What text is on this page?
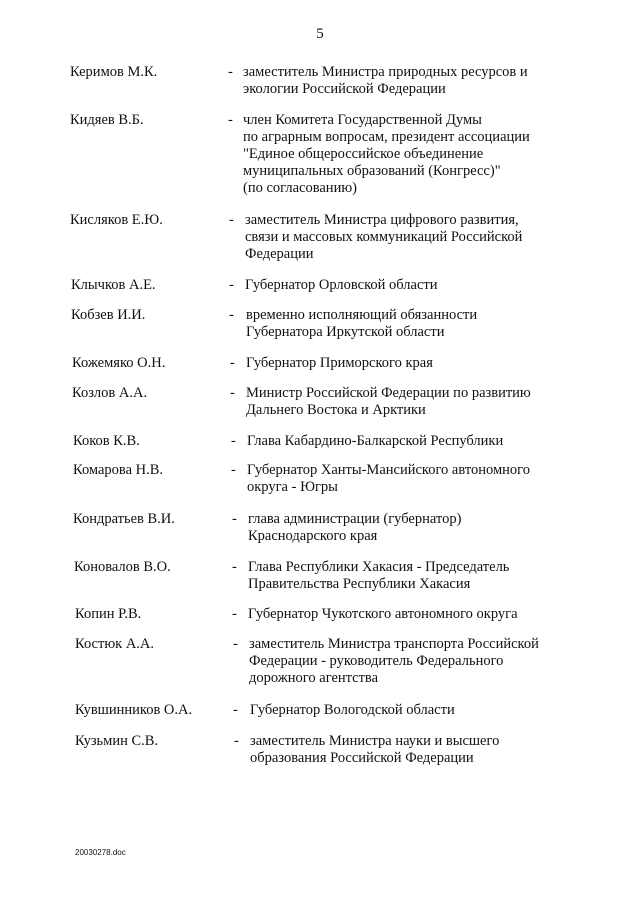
5
Керимов М.К.	- заместитель Министра природных ресурсов и
экологии Российской Федерации
Кидяев В.Б.	- член Комитета Государственной Думы
по аграрным вопросам, президент ассоциации
"Единое общероссийское объединение
муниципальных образований (Конгресс)"
(по согласованию)
Кисляков Е.Ю.	- заместитель Министра цифрового развития,
связи и массовых коммуникаций Российской
Федерации
Клычков А.Е.	- Губернатор Орловской области
Кобзев И.И.	- временно исполняющий обязанности
Губернатора Иркутской области
Кожемяко О.Н.	- Губернатор Приморского края
Козлов А.А.	- Министр Российской Федерации по развитию
Дальнего Востока и Арктики
Коков К.В.	- Глава Кабардино-Балкарской Республики
Комарова Н.В.	- Губернатор Ханты-Мансийского автономного
округа - Югры
Кондратьев В.И.	- глава администрации (губернатор)
Краснодарского края
Коновалов В.О.	- Глава Республики Хакасия - Председатель
Правительства Республики Хакасия
Копин Р.В.	- Губернатор Чукотского автономного округа
Костюк А.А.	- заместитель Министра транспорта Российской
Федерации - руководитель Федерального
дорожного агентства
Кувшинников О.А.	- Губернатор Вологодской области
Кузьмин С.В.	- заместитель Министра науки и высшего
образования Российской Федерации
20030278.doc
